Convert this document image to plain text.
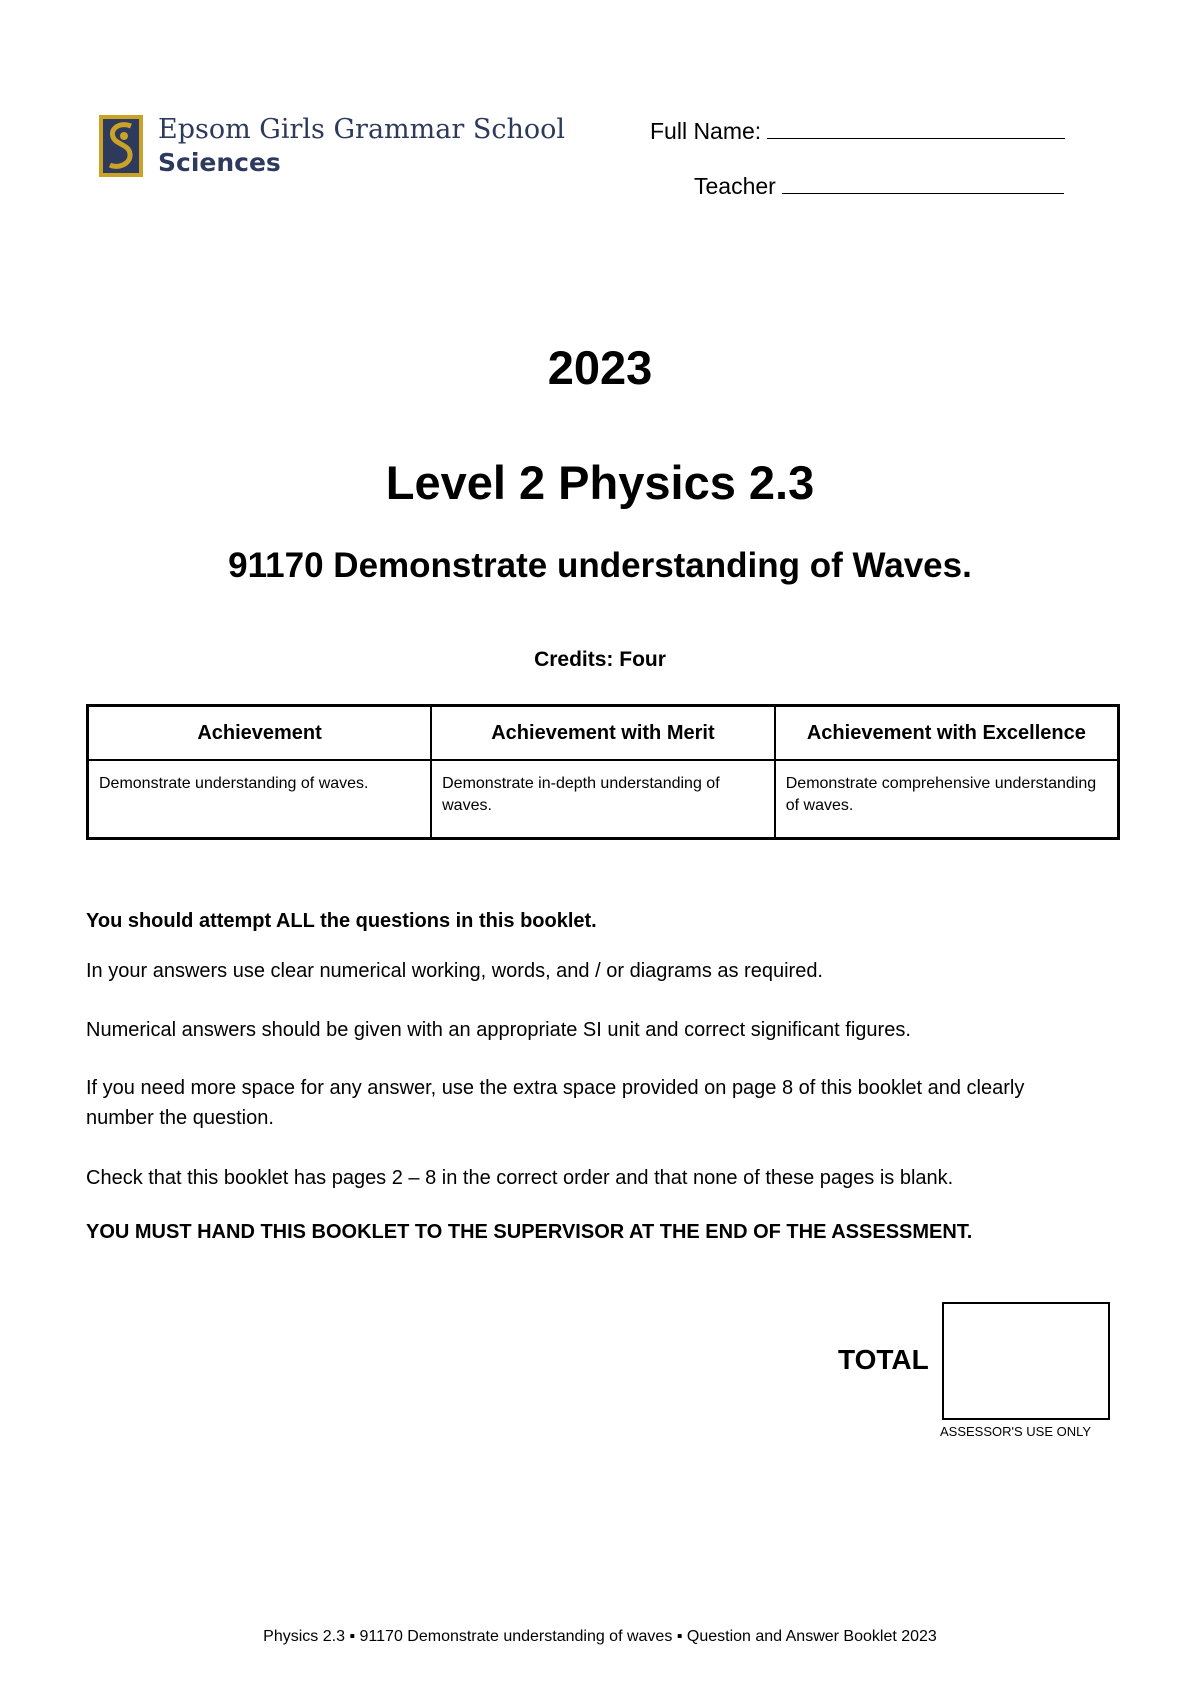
Epsom Girls Grammar School
Sciences
Full Name:
Teacher
2023
Level 2 Physics 2.3
91170 Demonstrate understanding of Waves.
Credits: Four
Achievement	Achievement with Merit	Achievement with Excellence
Demonstrate understanding of waves.	Demonstrate in-depth understanding of waves.	Demonstrate comprehensive understanding of waves.
You should attempt ALL the questions in this booklet.
In your answers use clear numerical working, words, and / or diagrams as required.
Numerical answers should be given with an appropriate SI unit and correct significant figures.
If you need more space for any answer, use the extra space provided on page 8 of this booklet and clearly number the question.
Check that this booklet has pages 2 – 8 in the correct order and that none of these pages is blank.
YOU MUST HAND THIS BOOKLET TO THE SUPERVISOR AT THE END OF THE ASSESSMENT.
TOTAL
ASSESSOR'S USE ONLY
Physics 2.3 ▪ 91170 Demonstrate understanding of waves ▪ Question and Answer Booklet 2023
